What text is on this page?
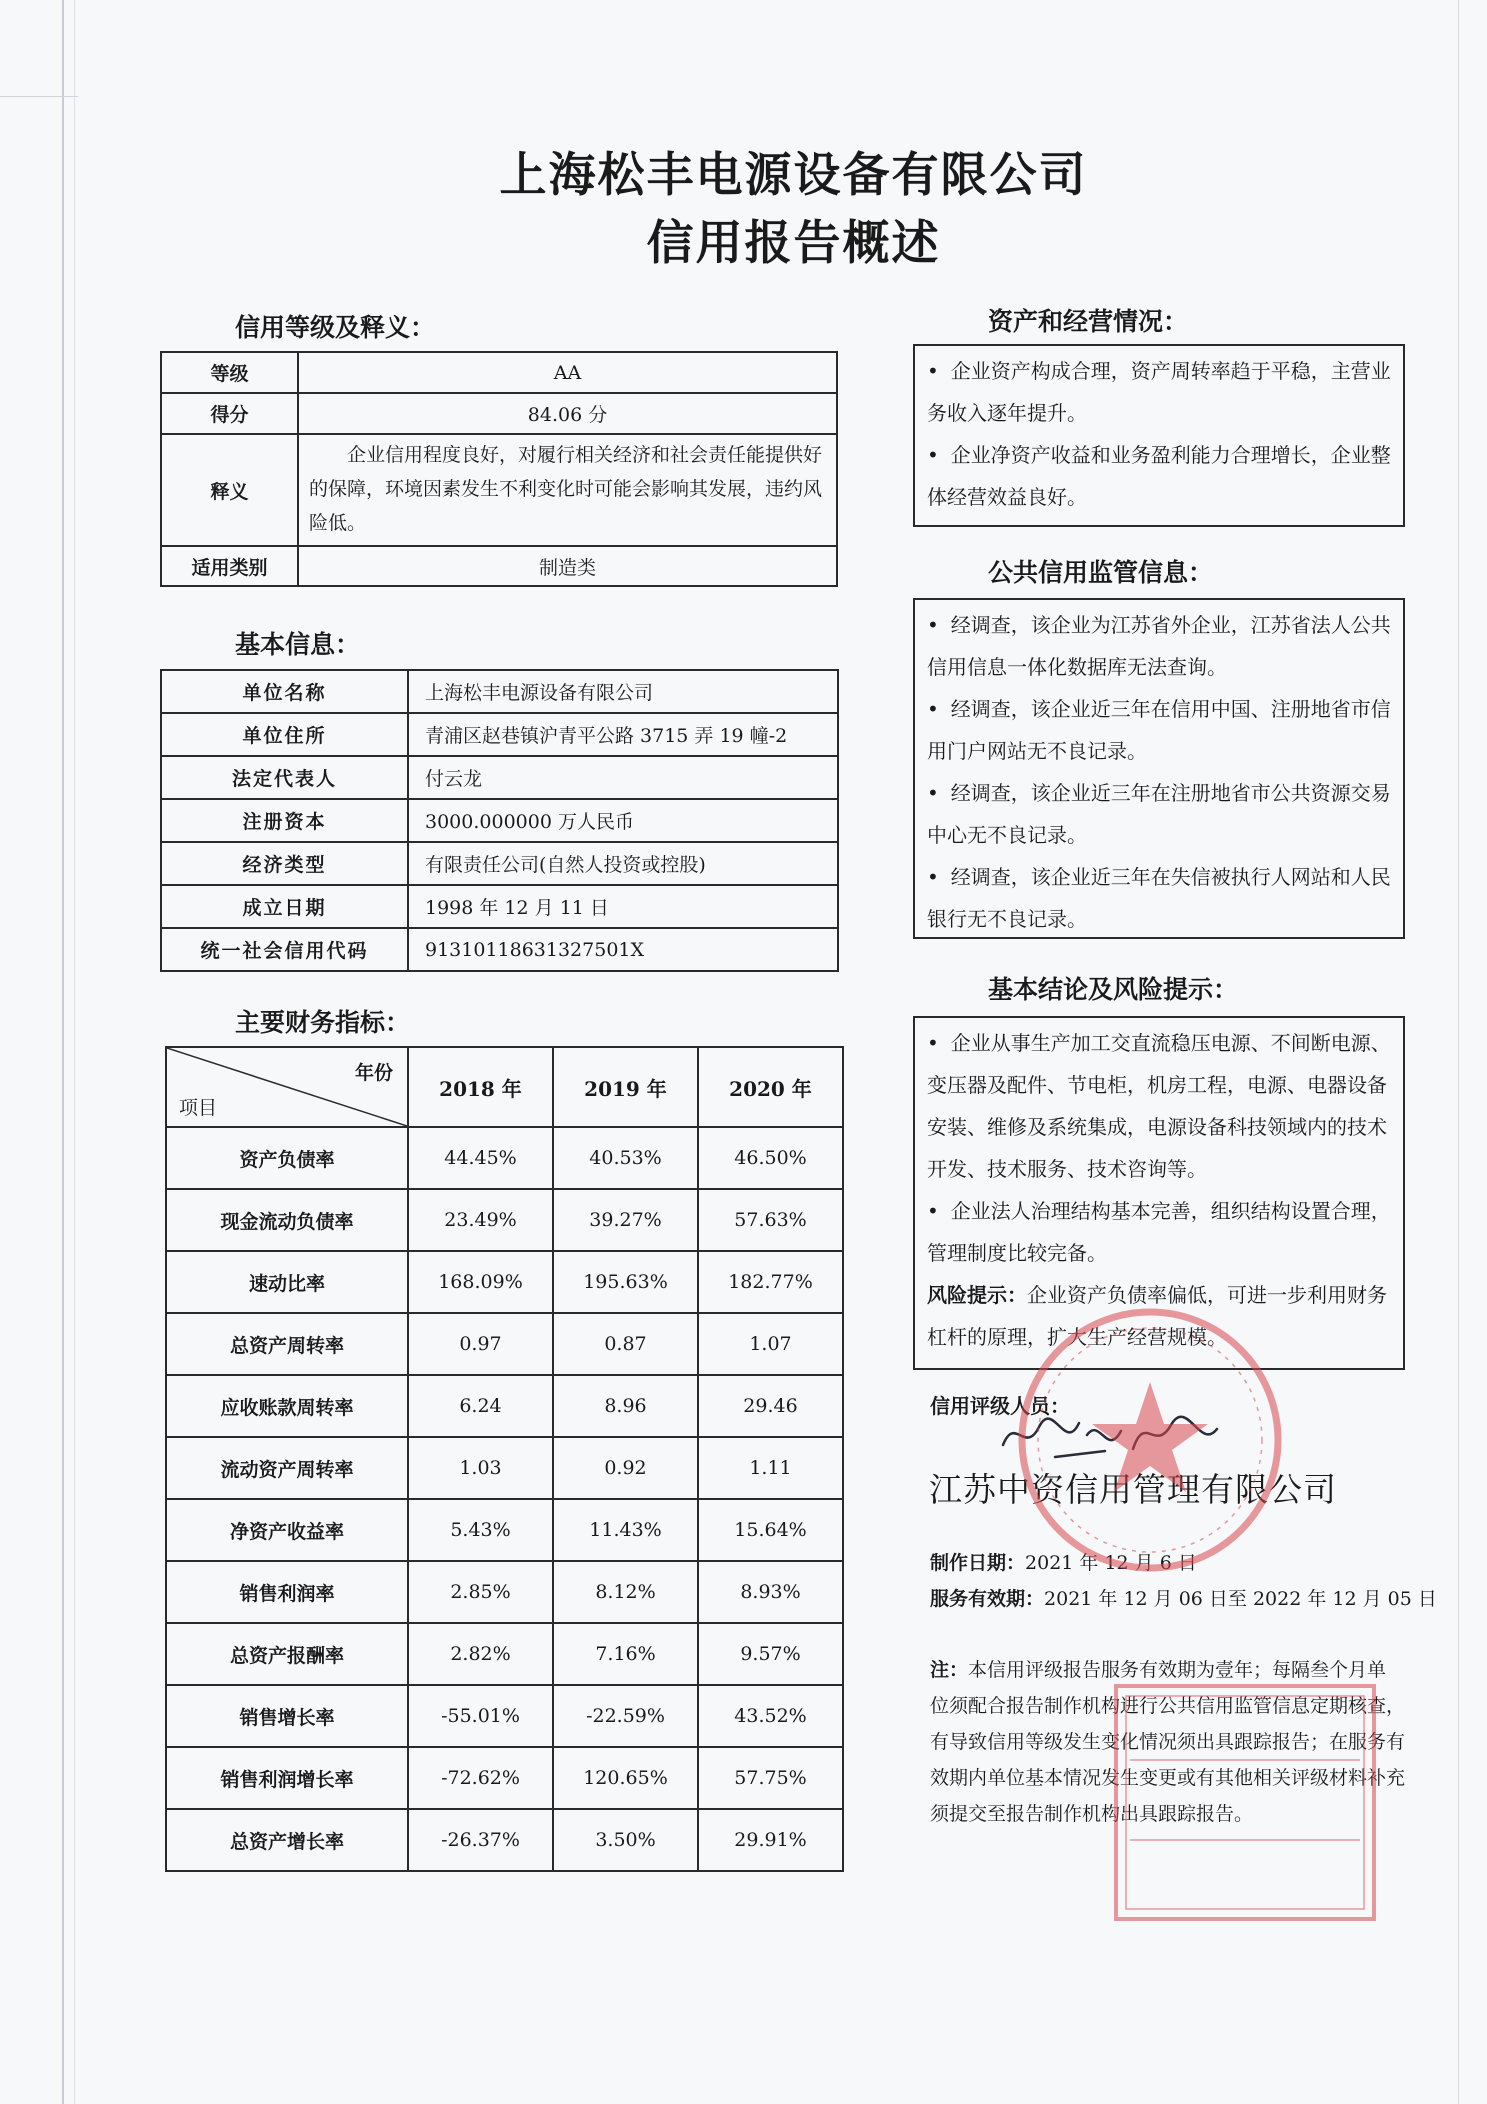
上海松丰电源设备有限公司
信用报告概述
信用等级及释义：
等级	AA
得分	84.06 分
释义	企业信用程度良好，对履行相关经济和社会责任能提供好的保障，环境因素发生不利变化时可能会影响其发展，违约风险低。
适用类别	制造类
基本信息：
单位名称	上海松丰电源设备有限公司
单位住所	青浦区赵巷镇沪青平公路 3715 弄 19 幢-2
法定代表人	付云龙
注册资本	3000.000000 万人民币
经济类型	有限责任公司(自然人投资或控股)
成立日期	1998 年 12 月 11 日
统一社会信用代码	91310118631327501X
主要财务指标：
年份
项目	2018 年	2019 年	2020 年
资产负债率	44.45%	40.53%	46.50%
现金流动负债率	23.49%	39.27%	57.63%
速动比率	168.09%	195.63%	182.77%
总资产周转率	0.97	0.87	1.07
应收账款周转率	6.24	8.96	29.46
流动资产周转率	1.03	0.92	1.11
净资产收益率	5.43%	11.43%	15.64%
销售利润率	2.85%	8.12%	8.93%
总资产报酬率	2.82%	7.16%	9.57%
销售增长率	-55.01%	-22.59%	43.52%
销售利润增长率	-72.62%	120.65%	57.75%
总资产增长率	-26.37%	3.50%	29.91%
资产和经营情况：

• 企业资产构成合理，资产周转率趋于平稳，主营业务收入逐年提升。

• 企业净资产收益和业务盈利能力合理增长，企业整体经营效益良好。

公共信用监管信息：

• 经调查，该企业为江苏省外企业，江苏省法人公共信用信息一体化数据库无法查询。

• 经调查，该企业近三年在信用中国、注册地省市信用门户网站无不良记录。

• 经调查，该企业近三年在注册地省市公共资源交易中心无不良记录。

• 经调查，该企业近三年在失信被执行人网站和人民银行无不良记录。

基本结论及风险提示：

• 企业从事生产加工交直流稳压电源、不间断电源、变压器及配件、节电柜，机房工程，电源、电器设备安装、维修及系统集成，电源设备科技领域内的技术开发、技术服务、技术咨询等。

• 企业法人治理结构基本完善，组织结构设置合理，管理制度比较完备。

风险提示：企业资产负债率偏低，可进一步利用财务杠杆的原理，扩大生产经营规模。

信用评级人员：
江苏中资信用管理有限公司
制作日期：2021 年 12 月 6 日
服务有效期：2021 年 12 月 06 日至 2022 年 12 月 05 日
注：本信用评级报告服务有效期为壹年；每隔叁个月单位须配合报告制作机构进行公共信用监管信息定期核查，有导致信用等级发生变化情况须出具跟踪报告；在服务有效期内单位基本情况发生变更或有其他相关评级材料补充须提交至报告制作机构出具跟踪报告。
